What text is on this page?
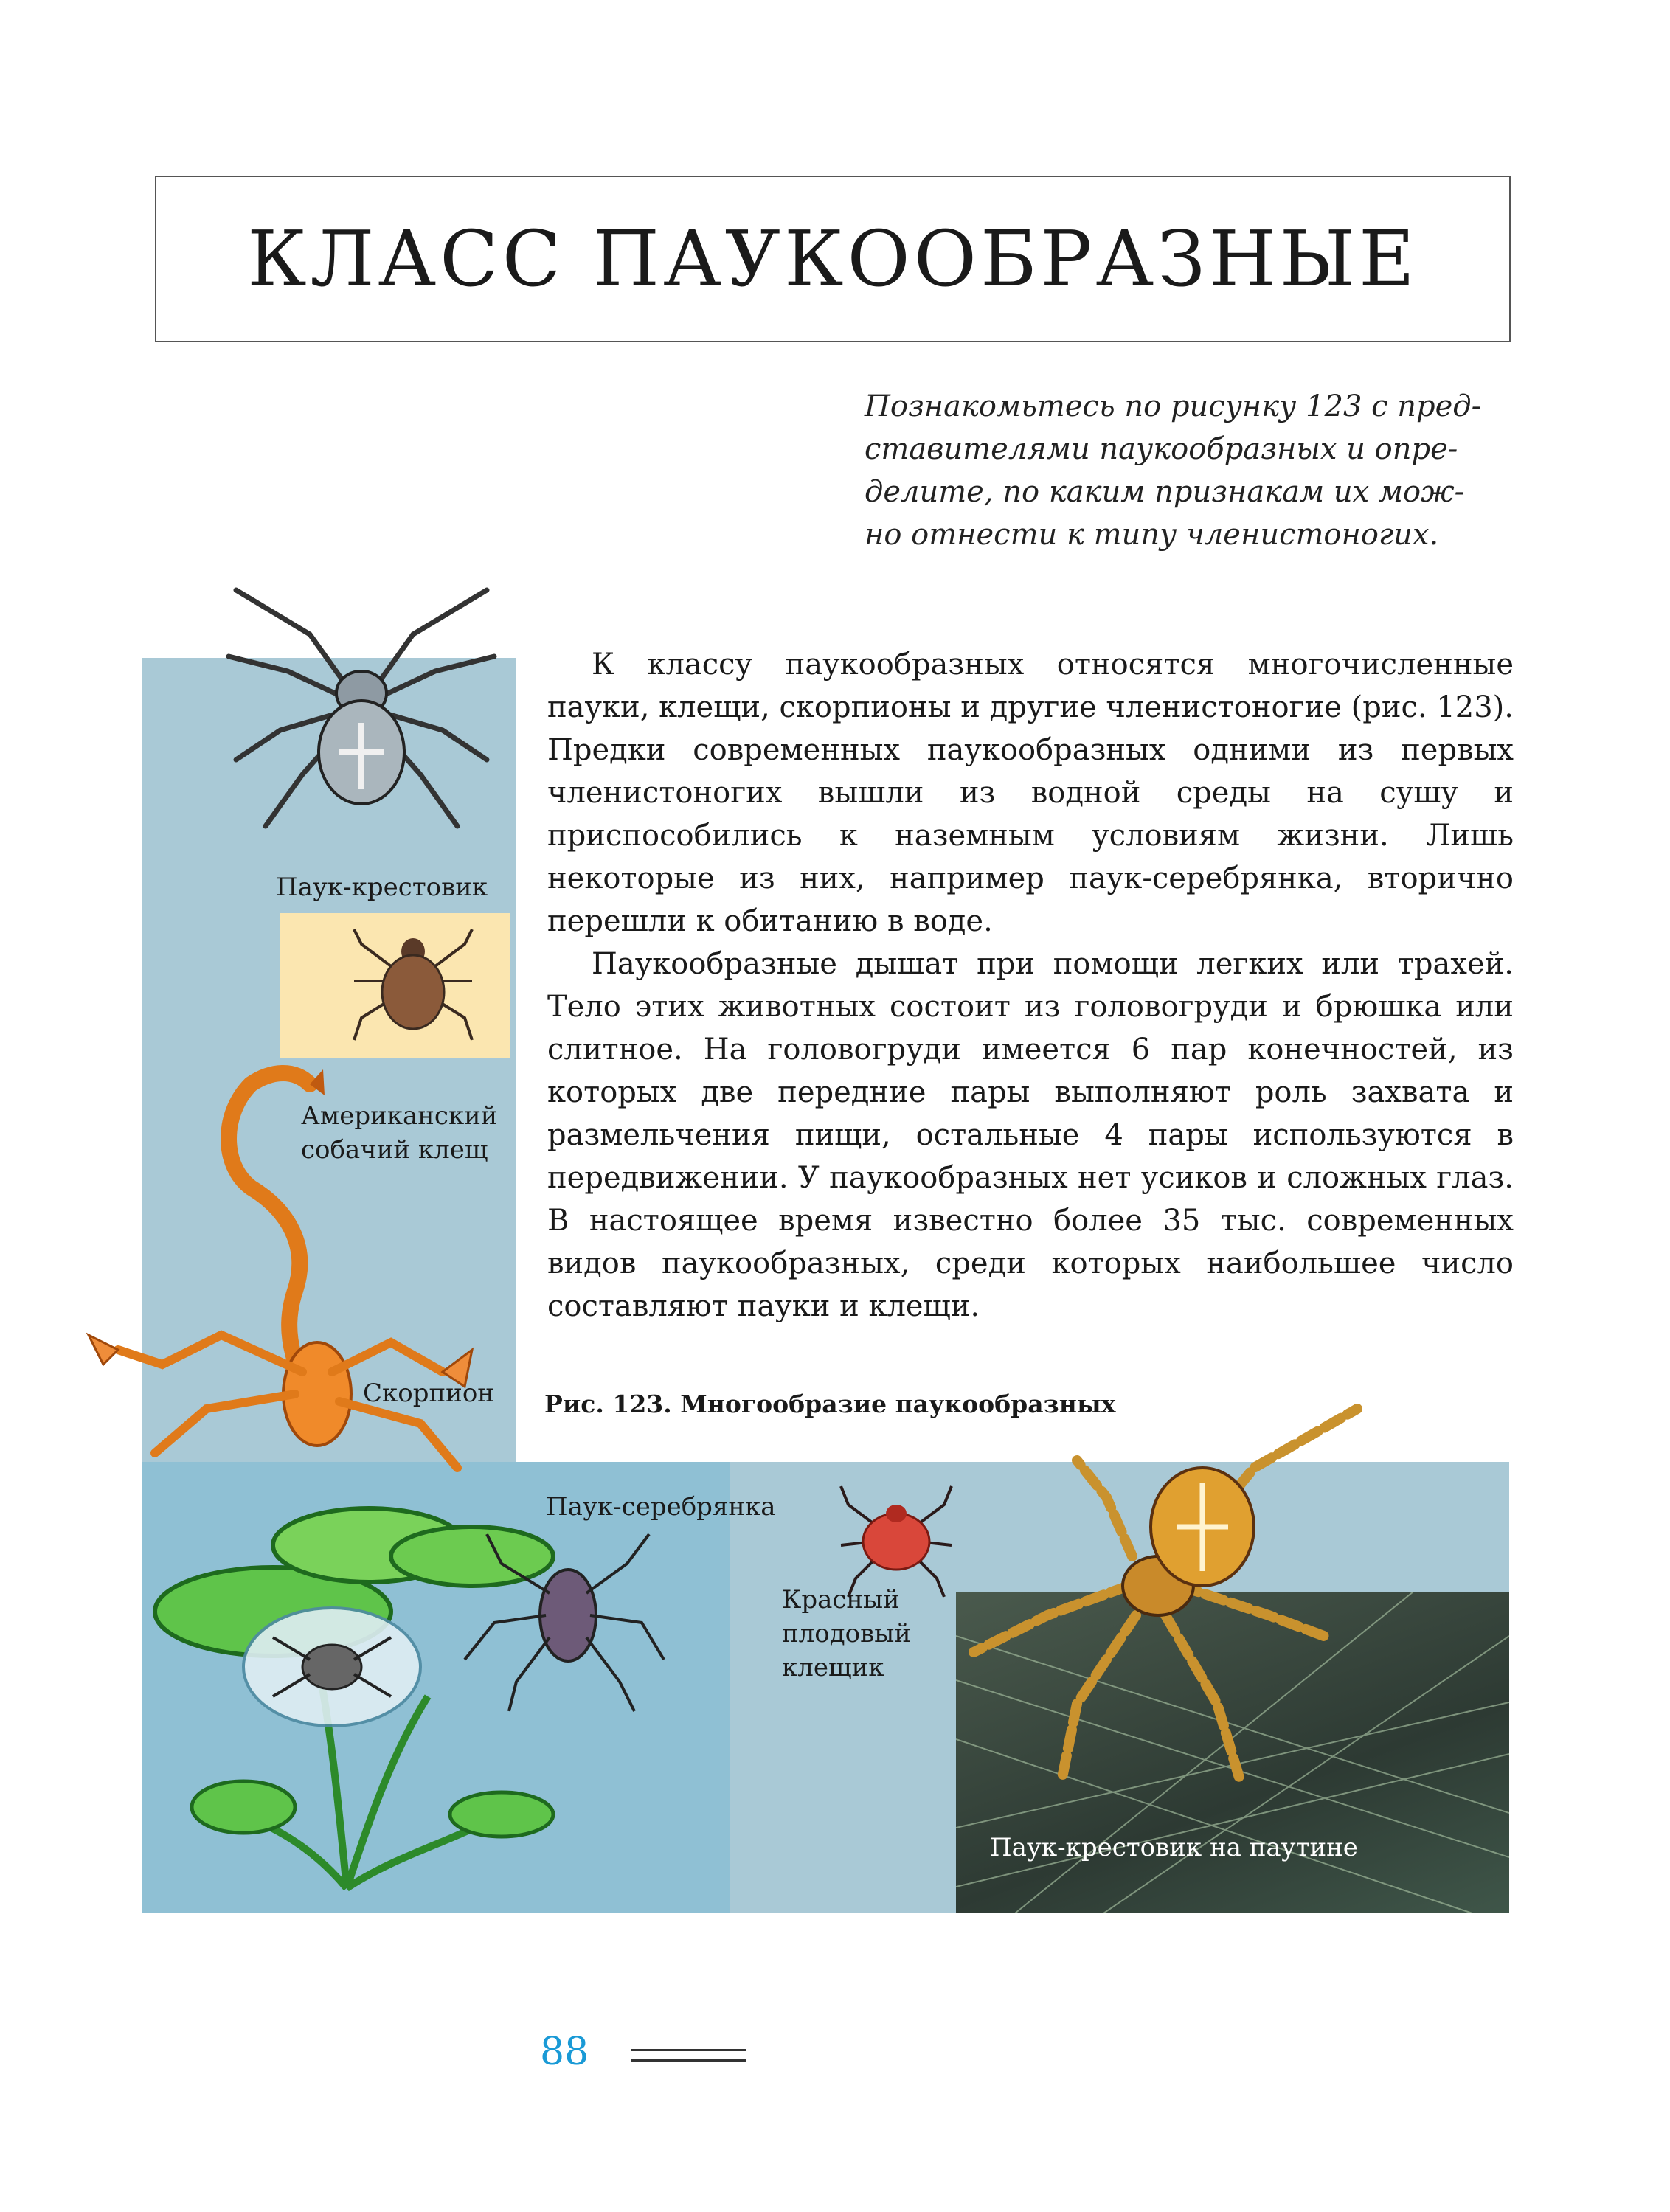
КЛАСС ПАУКООБРАЗНЫЕ
Познакомьтесь по рисунку 123 с пред-
ставителями паукообразных и опре-
делите, по каким признакам их мож-
но отнести к типу членистоногих.

Паук-крестовик

Американский

собачий клещ

Скорпион Рис. 123. Многообразие паукообразных

Паук-серебрянка

Красный

плодовый

клещик

Паук-крестовик на паутине

К классу паукообразных относятся многочисленные пауки, клещи, скорпионы и другие членистоногие (рис. 123). Предки современных паукообразных одними из первых членистоногих вышли из водной среды на сушу и приспособились к наземным условиям жизни. Лишь некоторые из них, например паук-серебрянка, вторично перешли к обитанию в воде.

Паукообразные дышат при помощи легких или трахей. Тело этих животных состоит из головогруди и брюшка или слитное. На головогруди имеется 6 пар конечностей, из которых две передние пары выполняют роль захвата и размельчения пищи, остальные 4 пары используются в передвижении. У паукообразных нет усиков и сложных глаз. В настоящее время известно более 35 тыс. современных видов паукообразных, среди которых наибольшее число составляют пауки и клещи.

88
